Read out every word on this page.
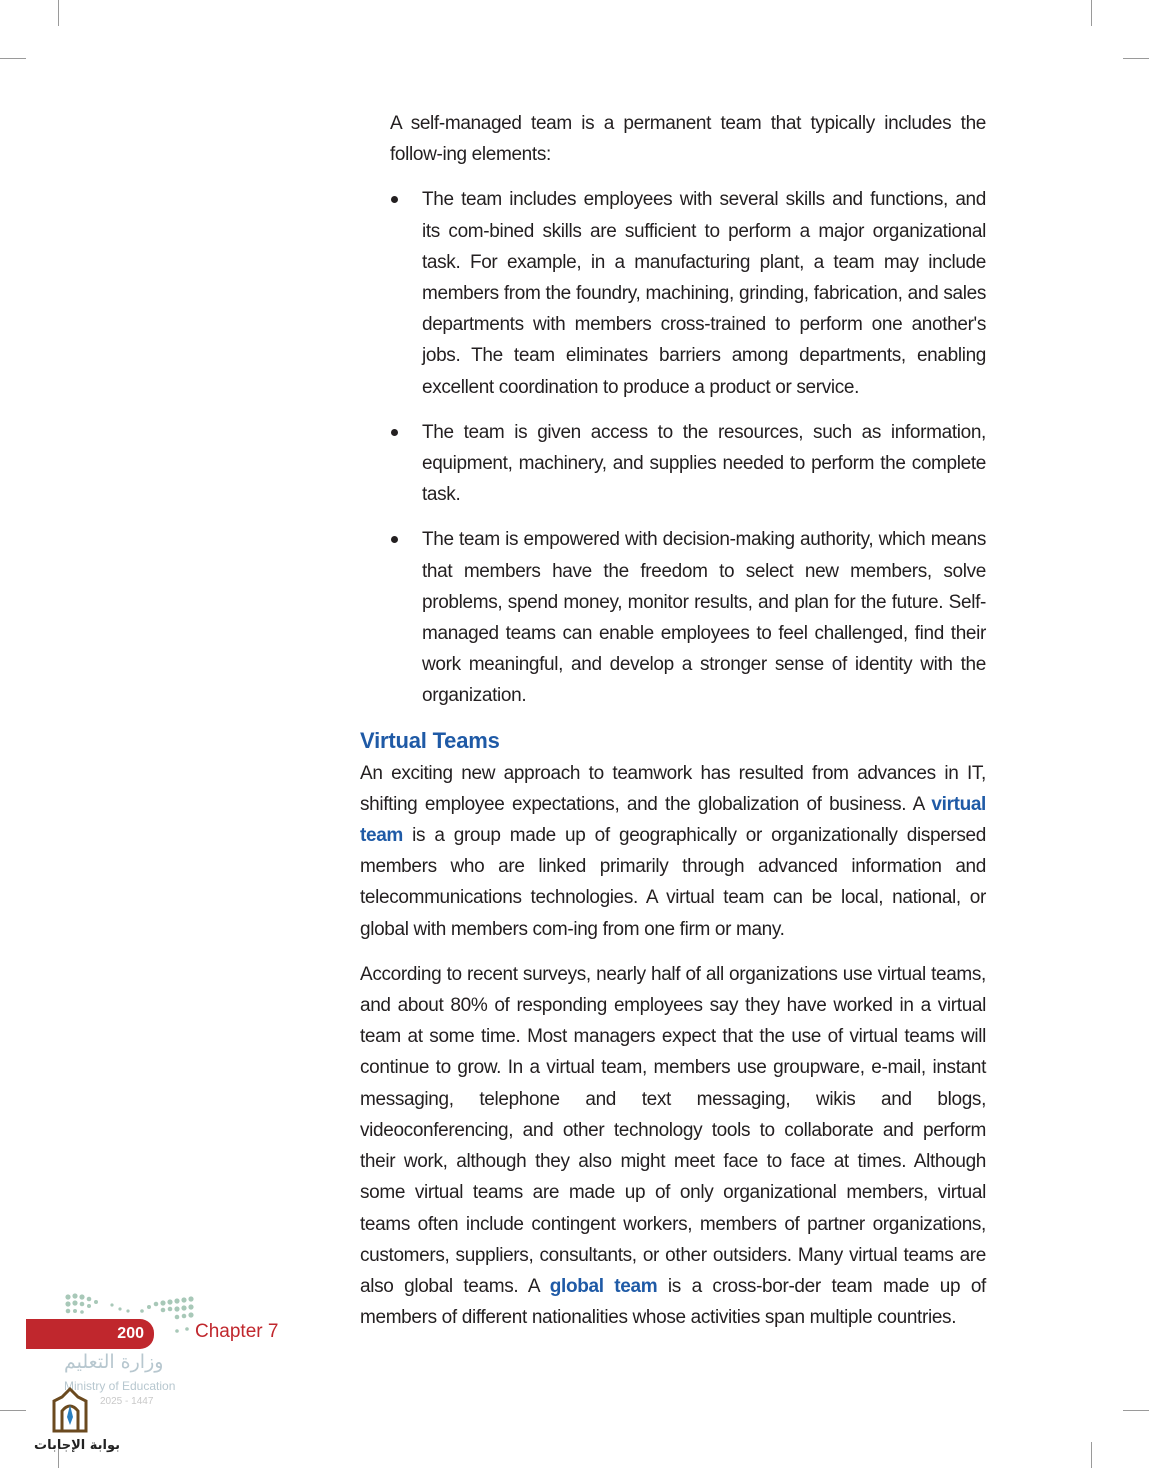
A self-managed team is a permanent team that typically includes the follow-ing elements:

The team includes employees with several skills and functions, and its com-bined skills are sufficient to perform a major organizational task. For example, in a manufacturing plant, a team may include members from the foundry, machining, grinding, fabrication, and sales departments with members cross-trained to perform one another's jobs. The team eliminates barriers among departments, enabling excellent coordination to produce a product or service.
The team is given access to the resources, such as information, equipment, machinery, and supplies needed to perform the complete task.
The team is empowered with decision-making authority, which means that members have the freedom to select new members, solve problems, spend money, monitor results, and plan for the future. Self-managed teams can enable employees to feel challenged, find their work meaningful, and develop a stronger sense of identity with the organization.
Virtual Teams

An exciting new approach to teamwork has resulted from advances in IT, shifting employee expectations, and the globalization of business. A virtual team is a group made up of geographically or organizationally dispersed members who are linked primarily through advanced information and telecommunications technologies. A virtual team can be local, national, or global with members com-ing from one firm or many.

According to recent surveys, nearly half of all organizations use virtual teams, and about 80% of responding employees say they have worked in a virtual team at some time. Most managers expect that the use of virtual teams will continue to grow. In a virtual team, members use groupware, e-mail, instant messaging, telephone and text messaging, wikis and blogs, videoconferencing, and other technology tools to collaborate and perform their work, although they also might meet face to face at times. Although some virtual teams are made up of only organizational members, virtual teams often include contingent workers, members of partner organizations, customers, suppliers, consultants, or other outsiders. Many virtual teams are also global teams. A global team is a cross-bor-der team made up of members of different nationalities whose activities span multiple countries.

200	Chapter 7
وزارة التعليم
Ministry of Education
2025 - 1447
بوابة الإجابات
